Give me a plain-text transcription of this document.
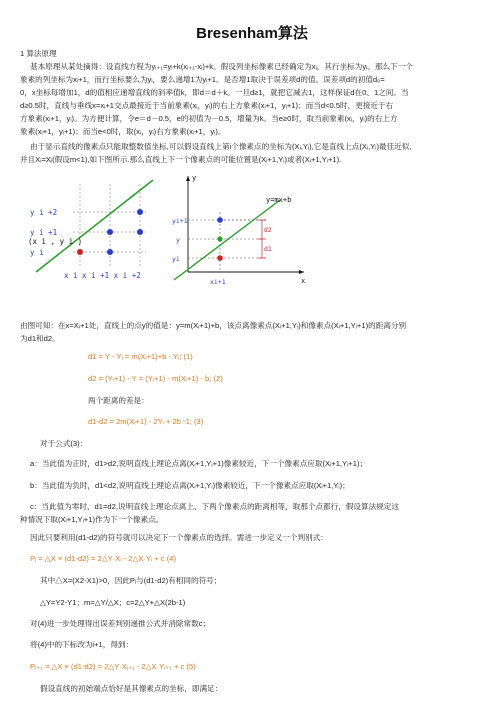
Bresenham算法
1 算法原理
基本原理从某处摘得：设直线方程为yᵢ₊₁=yᵢ+k(xᵢ₊₁-xᵢ)+k。假设列坐标像素已经确定为xᵢ，其行坐标为yᵢ。那么下一个
象素的列坐标为xᵢ+1，而行坐标要么为yᵢ，要么递增1为yᵢ+1。是否增1取决于误差项d的值。误差项d的初值d₀=
0，x坐标每增加1，d的值相应递增直线的斜率值k，即d＝d＋k。一旦d≥1，就把它减去1，这样保证d在0、1之间。当
d≥0.5时，直线与垂线x=xᵢ+1交点最接近于当前象素(xᵢ，yᵢ)的右上方象素(xᵢ+1，yᵢ+1)；而当d<0.5时，更接近于右
方象素(xᵢ+1，yᵢ)。为方便计算，令e＝d－0.5，e的初值为－0.5，增量为k。当e≥0时，取当前象素(xᵢ，yᵢ)的右上方
象素(xᵢ+1，yᵢ+1)；而当e<0时，取(xᵢ，yᵢ)右方象素(xᵢ+1，yᵢ)。
由于显示直线的像素点只能取整数值坐标,可以假设直线上第i个像素点的坐标为(Xᵢ,Yᵢ),它是直线上点(Xᵢ,Yᵢ)最佳近似,
并且Xᵢ=Xᵢ(假设m<1),如下图所示.那么直线上下一个像素点的可能位置是(Xᵢ+1,Yᵢ)或者(Xᵢ+1,Yᵢ+1).
y i +2
y i +1
(x i , y i )
y i
x i x i +1 x i +2
y
x
d2
d1
y=mx+b
yi+1
y
yi
xi+1
由图可知：在x=Xᵢ+1处，直线上的点y的值是：y=m(Xᵢ+1)+b，该点离像素点(Xᵢ+1,Yᵢ)和像素点(Xᵢ+1,Yᵢ+1)的距离分别
为d1和d2。
d1 = Y - Yᵢ = m(Xᵢ+1)+b - Yᵢ; (1)
d2 = (Yᵢ+1) - Y = (Yᵢ+1) - m(Xᵢ+1) - b; (2)
两个距离的差是：
d1-d2 = 2m(Xᵢ+1) - 2Yᵢ + 2b -1; (3)
对于公式(3)：
a：当此值为正时，d1>d2,说明直线上理论点离(Xᵢ+1,Yᵢ+1)像素较近，下一个像素点应取(Xᵢ+1,Yᵢ+1)；
b：当此值为负时，d1<d2,说明直线上理论点离(Xᵢ+1,Yᵢ)像素较近，下一个像素点应取(Xᵢ+1,Yᵢ)；
c：当此值为零时，d1=d2,说明直线上理论点离上、下两个像素点的距离相等，取那个点都行，假设算法规定这
种情况下取(Xᵢ+1,Yᵢ+1)作为下一个像素点。
因此只要利用(d1-d2)的符号就可以决定下一个像素点的选择。需进一步定义一个判别式：
Pᵢ = △X × (d1-d2) = 2△Y·Xᵢ - 2△X·Yᵢ + c (4)
其中△X=(X2-X1)>0，因此Pᵢ与(d1-d2)有相同的符号；
△Y=Y2-Y1；m=△Y/△X；c=2△Y+△X(2b-1)
对(4)进一步处理得出误差判别递推公式并消除常数c；
将(4)中的下标改为i+1，得到：
Pᵢ₊₁ = △X × (d1-d2) = 2△Y·Xᵢ₊₁ - 2△X·Yᵢ₊₁ + c (5)
假设直线的初始端点恰好是其像素点的坐标，即满足：
